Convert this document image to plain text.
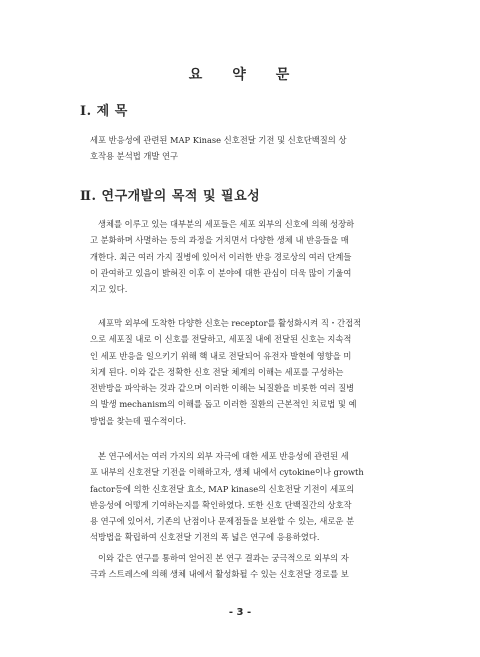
요 약 문
Ⅰ. 제 목
세포 반응성에 관련된 MAP Kinase 신호전달 기전 및 신호단백질의 상
호작용 분석법 개발 연구
Ⅱ. 연구개발의 목적 및 필요성
생체를 이루고 있는 대부분의 세포들은 세포 외부의 신호에 의해 성장하
고 분화하며 사멸하는 등의 과정을 거치면서 다양한 생체 내 반응들을 매
개한다. 최근 여러 가지 질병에 있어서 이러한 반응 경로상의 여러 단계들
이 관여하고 있음이 밝혀진 이후 이 분야에 대한 관심이 더욱 많이 기울여
지고 있다.
세포막 외부에 도착한 다양한 신호는 receptor를 활성화시켜 직・간접적
으로 세포질 내로 이 신호를 전달하고, 세포질 내에 전달된 신호는 지속적
인 세포 반응을 일으키기 위해 핵 내로 전달되어 유전자 발현에 영향을 미
치게 된다. 이와 같은 정확한 신호 전달 체계의 이해는 세포를 구성하는
전반방을 파악하는 것과 같으며 이러한 이해는 뇌질환을 비롯한 여러 질병
의 발생 mechanism의 이해를 돕고 이러한 질환의 근본적인 치료법 및 예
방법을 찾는데 필수적이다.
본 연구에서는 여러 가지의 외부 자극에 대한 세포 반응성에 관련된 세
포 내부의 신호전달 기전을 이해하고자, 생체 내에서 cytokine이나 growth
factor등에 의한 신호전달 효소, MAP kinase의 신호전달 기전이 세포의
반응성에 어떻게 기여하는지를 확인하였다. 또한 신호 단백질간의 상호작
용 연구에 있어서, 기존의 난점이나 문제점들을 보완할 수 있는, 새로운 분
석방법을 확립하여 신호전달 기전의 폭 넓은 연구에 응용하였다.
이와 같은 연구를 통하여 얻어진 본 연구 결과는 궁극적으로 외부의 자
극과 스트레스에 의해 생체 내에서 활성화될 수 있는 신호전달 경로를 보
- 3 -
